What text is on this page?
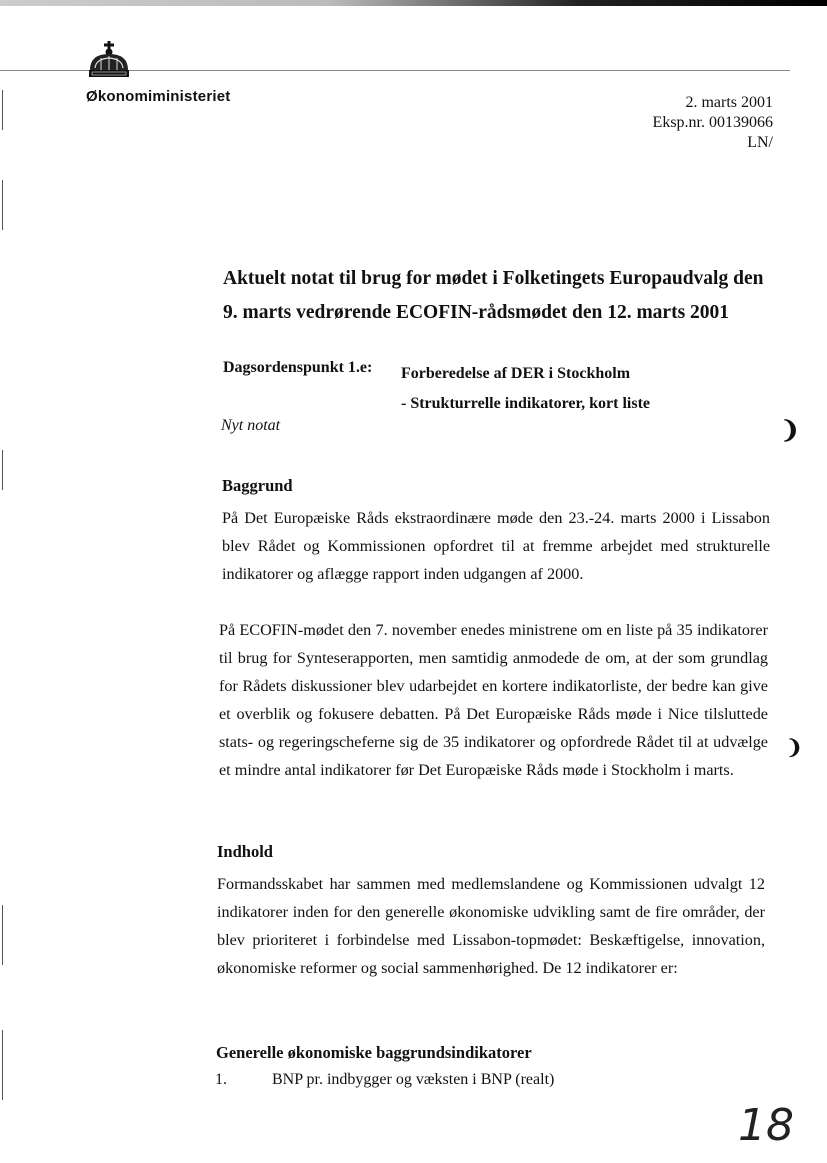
Økonomiministeriet	2. marts 2001
Eksp.nr. 00139066
LN/
Aktuelt notat til brug for mødet i Folketingets Europaudvalg den
9. marts vedrørende ECOFIN-rådsmødet den 12. marts 2001
Dagsordenspunkt 1.e: Forberedelse af DER i Stockholm
- Strukturrelle indikatorer, kort liste
Nyt notat
Baggrund

På Det Europæiske Råds ekstraordinære møde den 23.-24. marts 2000 i Lissabon blev Rådet og Kommissionen opfordret til at fremme arbejdet med strukturelle indikatorer og aflægge rapport inden udgangen af 2000.

På ECOFIN-mødet den 7. november enedes ministrene om en liste på 35 indikatorer til brug for Synteserapporten, men samtidig anmodede de om, at der som grundlag for Rådets diskussioner blev udarbejdet en kortere indikatorliste, der bedre kan give et overblik og fokusere debatten. På Det Europæiske Råds møde i Nice tilsluttede stats- og regeringscheferne sig de 35 indikatorer og opfordrede Rådet til at udvælge et mindre antal indikatorer før Det Europæiske Råds møde i Stockholm i marts.

Indhold

Formandsskabet har sammen med medlemslandene og Kommissionen udvalgt 12 indikatorer inden for den generelle økonomiske udvikling samt de fire områder, der blev prioriteret i forbindelse med Lissabon-topmødet: Beskæftigelse, innovation, økonomiske reformer og social sammenhørighed. De 12 indikatorer er:

Generelle økonomiske baggrundsindikatorer
1.	BNP pr. indbygger og væksten i BNP (realt)
18
❩
❩
